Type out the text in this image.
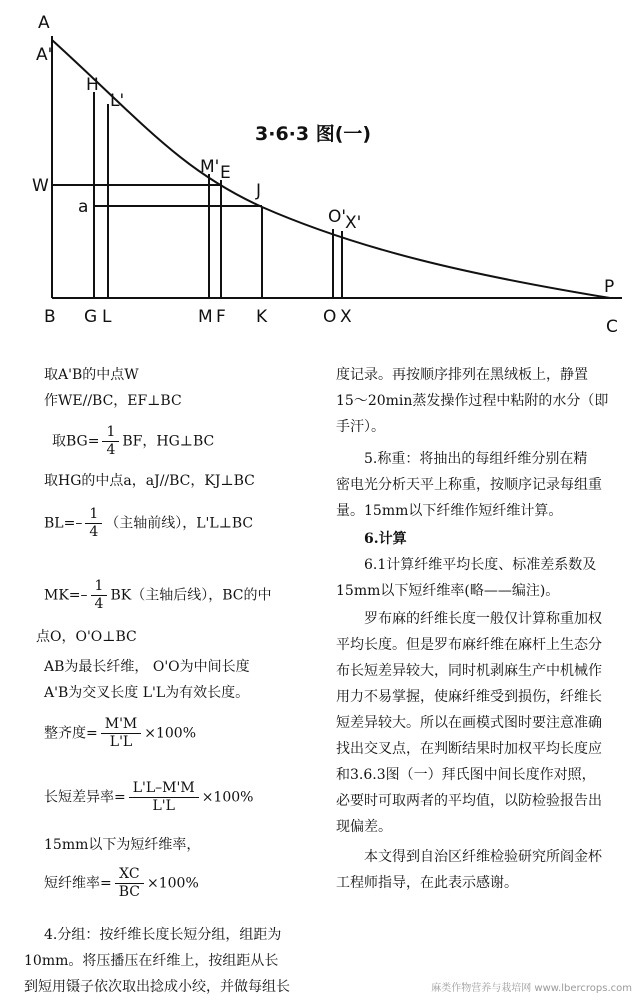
A
A'
H
L'
3·6·3 图(一)
M' E
J
O'
X'
W
a
P
B G L	M F K	O X	C
取A'B的中点W
作WE//BC，EF⊥BC
取$BG= \frac{1}{4}$ BF，HG⊥BC
取HG的中点a，aJ//BC，KJ⊥BC
$BL=- \frac{1}{4}$ （主轴前线），L'L⊥BC
$MK=- \frac{1}{4} BK$（主轴后线），BC的中
点O，O'O⊥BC
AB为最长纤维， O'O为中间长度
A'B为交叉长度 L'L为有效长度。
整齐度= $\frac{M'M}{L'L} \times 100\%$
长短差异率= $\frac{L'L-M'M}{L'L} \times 100\%$
15mm以下为短纤维率，
短纤维率= $\frac{XC}{BC} \times 100\%$
4.分组：按纤维长度长短分组，组距为
10mm。将压播压在纤维上，按组距从长
到短用镊子依次取出捻成小绞，并做每组长
度记录。再按顺序排列在黑绒板上，静置
15～20min蒸发操作过程中粘附的水分（即
手汗）。
5.称重：将抽出的每组纤维分别在精
密电光分析天平上称重，按顺序记录每组重
量。15mm以下纤维作短纤维计算。
6.计算
6.1计算纤维平均长度、标准差系数及
15mm以下短纤维率(略——编注)。
罗布麻的纤维长度一般仅计算称重加权
平均长度。但是罗布麻纤维在麻杆上生态分
布长短差异较大，同时机剥麻生产中机械作
用力不易掌握，使麻纤维受到损伤，纤维长
短差异较大。所以在画模式图时要注意准确
找出交叉点，在判断结果时加权平均长度应
和3.6.3图（一）拜氏图中间长度作对照，
必要时可取两者的平均值，以防检验报告出
现偏差。
本文得到自治区纤维检验研究所阎金杯
工程师指导，在此表示感谢。
麻类作物营养与栽培网 www.lbercrops.com
